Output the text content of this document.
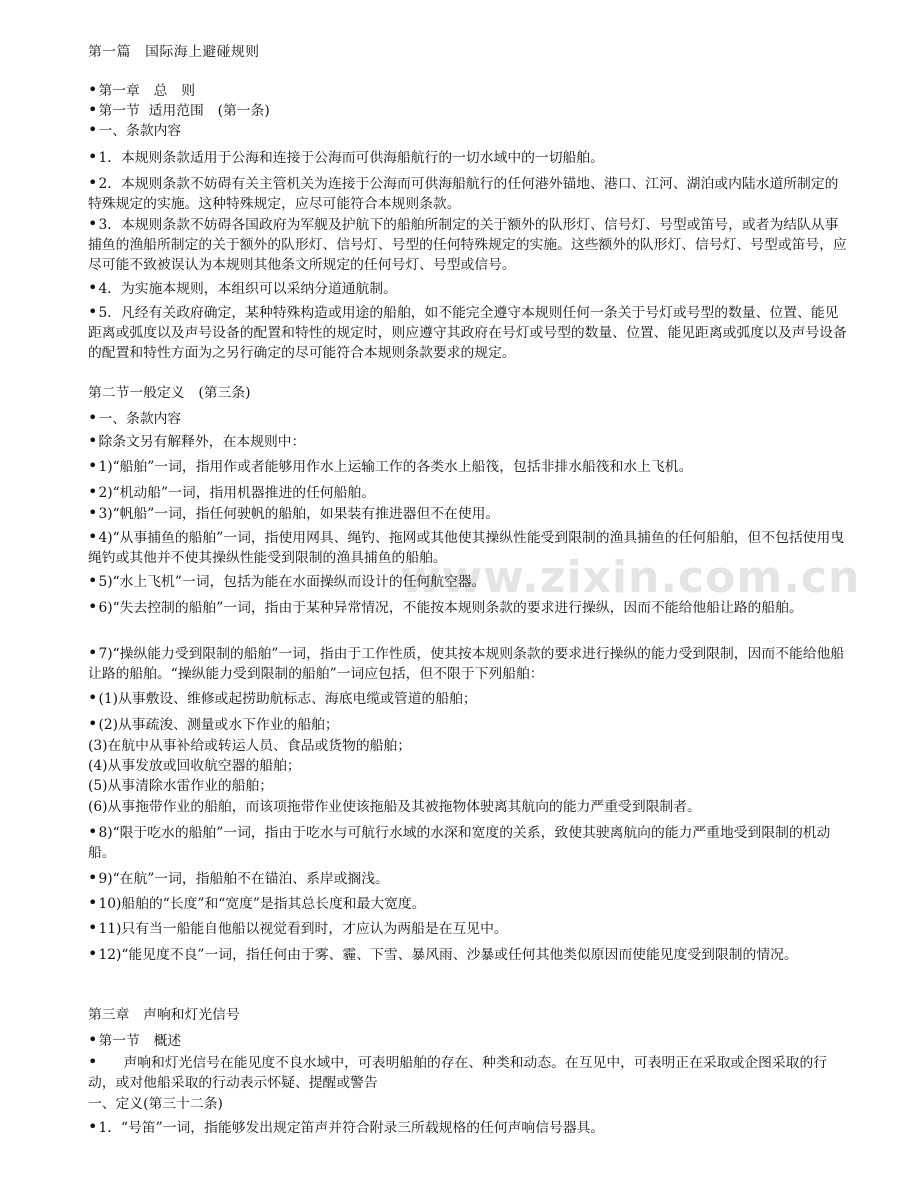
www.zixin.com.cn
第一篇　国际海上避碰规则
• 第一章　总　则
• 第一节  适用范围　(第一条)
• 一、条款内容
• 1．本规则条款适用于公海和连接于公海而可供海船航行的一切水域中的一切船舶。
• 2．本规则条款不妨碍有关主管机关为连接于公海而可供海船航行的任何港外锚地、港口、江河、湖泊或内陆水道所制定的特殊规定的实施。这种特殊规定，应尽可能符合本规则条款。
• 3．本规则条款不妨碍各国政府为军舰及护航下的船舶所制定的关于额外的队形灯、信号灯、号型或笛号，或者为结队从事捕鱼的渔船所制定的关于额外的队形灯、信号灯、号型的任何特殊规定的实施。这些额外的队形灯、信号灯、号型或笛号，应尽可能不致被误认为本规则其他条文所规定的任何号灯、号型或信号。
• 4．为实施本规则，本组织可以采纳分道通航制。
• 5．凡经有关政府确定，某种特殊构造或用途的船舶，如不能完全遵守本规则任何一条关于号灯或号型的数量、位置、能见距离或弧度以及声号设备的配置和特性的规定时，则应遵守其政府在号灯或号型的数量、位置、能见距离或弧度以及声号设备的配置和特性方面为之另行确定的尽可能符合本规则条款要求的规定。
第二节一般定义　(第三条)
• 一、条款内容
• 除条文另有解释外，在本规则中：
• 1)“船舶”一词，指用作或者能够用作水上运输工作的各类水上船筏，包括非排水船筏和水上飞机。
• 2)“机动船”一词，指用机器推进的任何船舶。
• 3)“帆船”一词，指任何驶帆的船舶，如果装有推进器但不在使用。
• 4)“从事捕鱼的船舶”一词，指使用网具、绳钓、拖网或其他使其操纵性能受到限制的渔具捕鱼的任何船舶，但不包括使用曳绳钓或其他并不使其操纵性能受到限制的渔具捕鱼的船舶。
• 5)“水上飞机”一词，包括为能在水面操纵而设计的任何航空器。
• 6)“失去控制的船舶”一词，指由于某种异常情况，不能按本规则条款的要求进行操纵，因而不能给他船让路的船舶。
• 7)“操纵能力受到限制的船舶”一词，指由于工作性质，使其按本规则条款的要求进行操纵的能力受到限制，因而不能给他船让路的船舶。“操纵能力受到限制的船舶”一词应包括，但不限于下列船舶：
• (1)从事敷设、维修或起捞助航标志、海底电缆或管道的船舶；
• (2)从事疏浚、测量或水下作业的船舶；
(3)在航中从事补给或转运人员、食品或货物的船舶；
(4)从事发放或回收航空器的船舶；
(5)从事清除水雷作业的船舶；
(6)从事拖带作业的船舶，而该项拖带作业使该拖船及其被拖物体驶离其航向的能力严重受到限制者。
• 8)“限于吃水的船舶”一词，指由于吃水与可航行水域的水深和宽度的关系，致使其驶离航向的能力严重地受到限制的机动船。
• 9)“在航”一词，指船舶不在锚泊、系岸或搁浅。
• 10)船舶的“长度”和“宽度”是指其总长度和最大宽度。
• 11)只有当一船能自他船以视觉看到时，才应认为两船是在互见中。
• 12)“能见度不良”一词，指任何由于雾、霾、下雪、暴风雨、沙暴或任何其他类似原因而使能见度受到限制的情况。
第三章　声响和灯光信号
• 第一节　概述
• 声响和灯光信号在能见度不良水域中，可表明船舶的存在、种类和动态。在互见中，可表明正在采取或企图采取的行动，或对他船采取的行动表示怀疑、提醒或警告
一、定义(第三十二条)
• 1．“号笛”一词，指能够发出规定笛声并符合附录三所载规格的任何声响信号器具。
